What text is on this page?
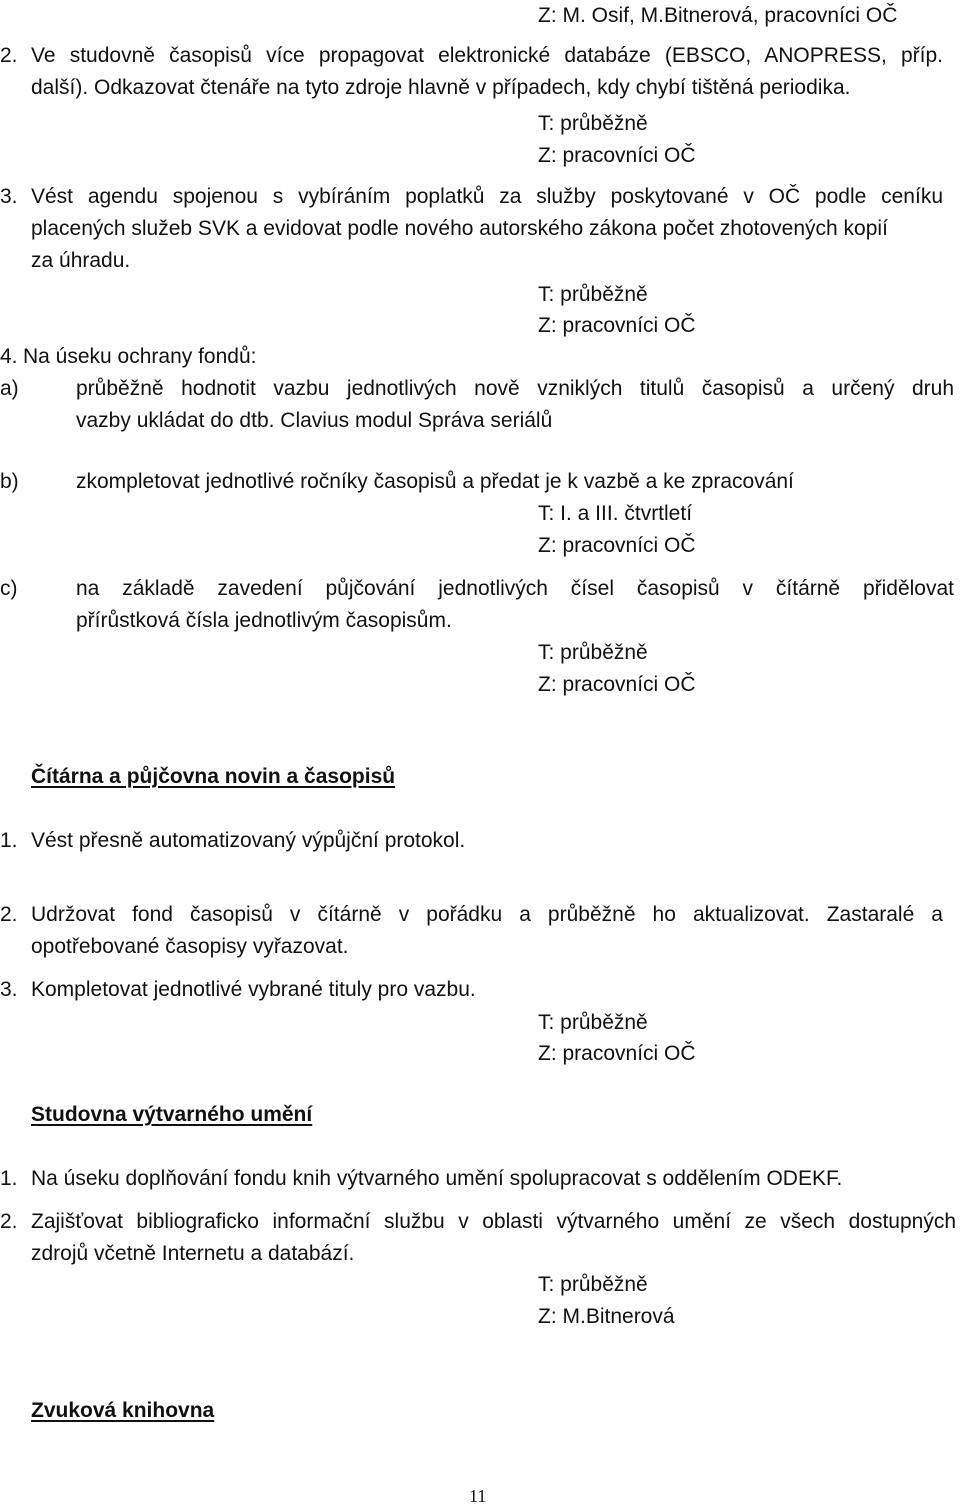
Z: M. Osif, M.Bitnerová, pracovníci OČ
2. Ve studovně časopisů více propagovat elektronické databáze (EBSCO, ANOPRESS, příp.
další). Odkazovat čtenáře na tyto zdroje hlavně v případech, kdy chybí tištěná periodika.
T: průběžně
Z: pracovníci OČ
3. Vést agendu spojenou s vybíráním poplatků za služby poskytované v OČ podle ceníku
placených služeb SVK a evidovat podle nového autorského zákona počet zhotovených kopií
za úhradu.
T: průběžně
Z: pracovníci OČ
4. Na úseku ochrany fondů:
a)	průběžně hodnotit vazbu jednotlivých nově vzniklých titulů časopisů a určený druh
vazby ukládat do dtb. Clavius modul Správa seriálů
b)	zkompletovat jednotlivé ročníky časopisů a předat je k vazbě a ke zpracování
T: I. a III. čtvrtletí
Z: pracovníci OČ
c)	na základě zavedení půjčování jednotlivých čísel časopisů v čítárně přidělovat
přírůstková čísla jednotlivým časopisům.
T: průběžně
Z: pracovníci OČ
Čítárna a půjčovna novin a časopisů
1. Vést přesně automatizovaný výpůjční protokol.
2. Udržovat fond časopisů v čítárně v pořádku a průběžně ho aktualizovat. Zastaralé a
opotřebované časopisy vyřazovat.
3. Kompletovat jednotlivé vybrané tituly pro vazbu.
T: průběžně
Z: pracovníci OČ
Studovna výtvarného umění
1. Na úseku doplňování fondu knih výtvarného umění spolupracovat s oddělením ODEKF.
2. Zajišťovat bibliograficko informační službu v oblasti výtvarného umění ze všech dostupných
zdrojů včetně Internetu a databází.
T: průběžně
Z: M.Bitnerová
Zvuková knihovna
11
